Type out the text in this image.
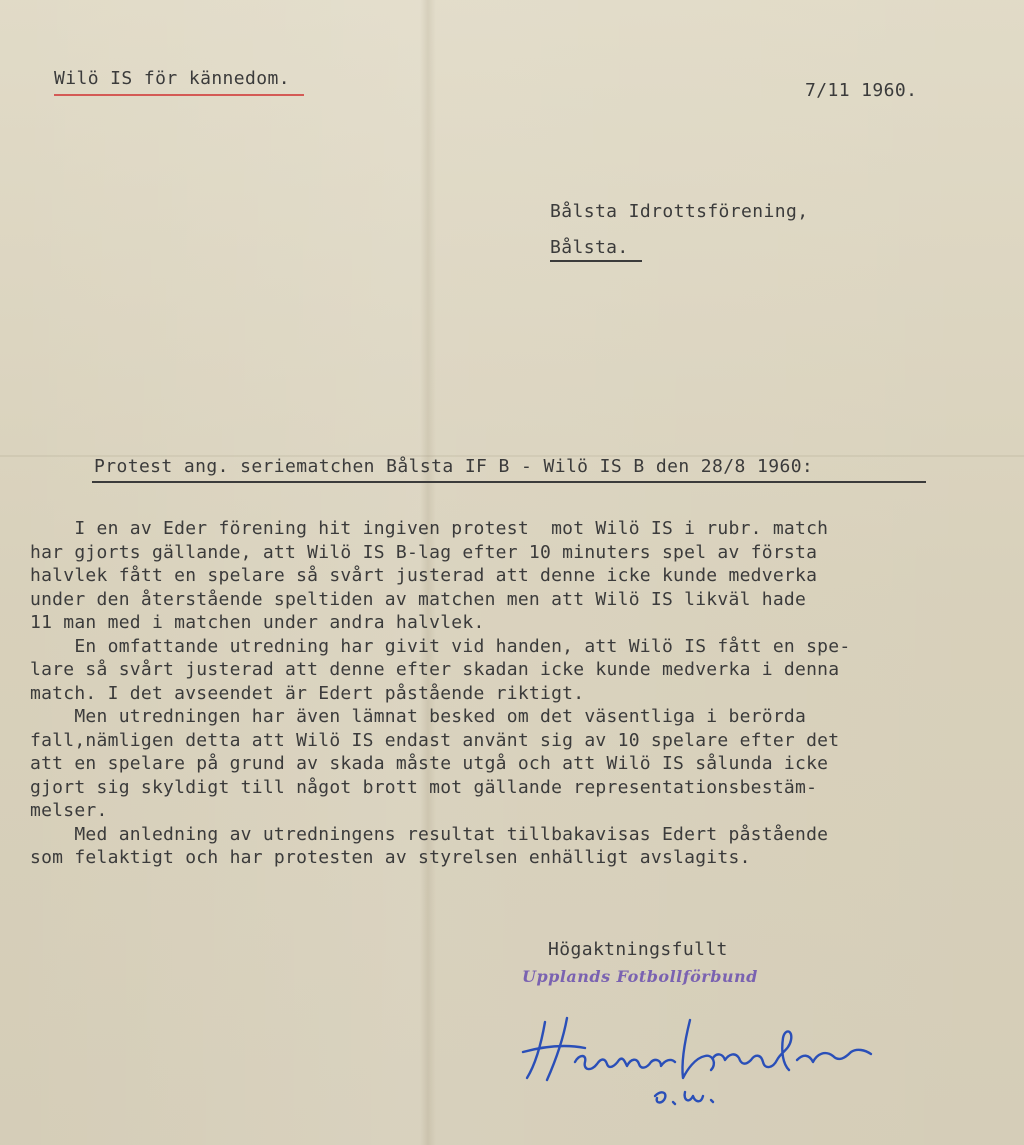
Wilö IS för kännedom.
7/11 1960.
Bålsta Idrottsförening,
Bålsta.
Protest ang. seriematchen Bålsta IF B - Wilö IS B den 28/8 1960:
I en av Eder förening hit ingiven protest  mot Wilö IS i rubr. match
har gjorts gällande, att Wilö IS B-lag efter 10 minuters spel av första
halvlek fått en spelare så svårt justerad att denne icke kunde medverka
under den återstående speltiden av matchen men att Wilö IS likväl hade
11 man med i matchen under andra halvlek.
En omfattande utredning har givit vid handen, att Wilö IS fått en spe-
lare så svårt justerad att denne efter skadan icke kunde medverka i denna
match. I det avseendet är Edert påstående riktigt.
Men utredningen har även lämnat besked om det väsentliga i berörda
fall,nämligen detta att Wilö IS endast använt sig av 10 spelare efter det
att en spelare på grund av skada måste utgå och att Wilö IS sålunda icke
gjort sig skyldigt till något brott mot gällande representationsbestäm-
melser.
Med anledning av utredningens resultat tillbakavisas Edert påstående
som felaktigt och har protesten av styrelsen enhälligt avslagits.
Högaktningsfullt
Upplands Fotbollförbund
